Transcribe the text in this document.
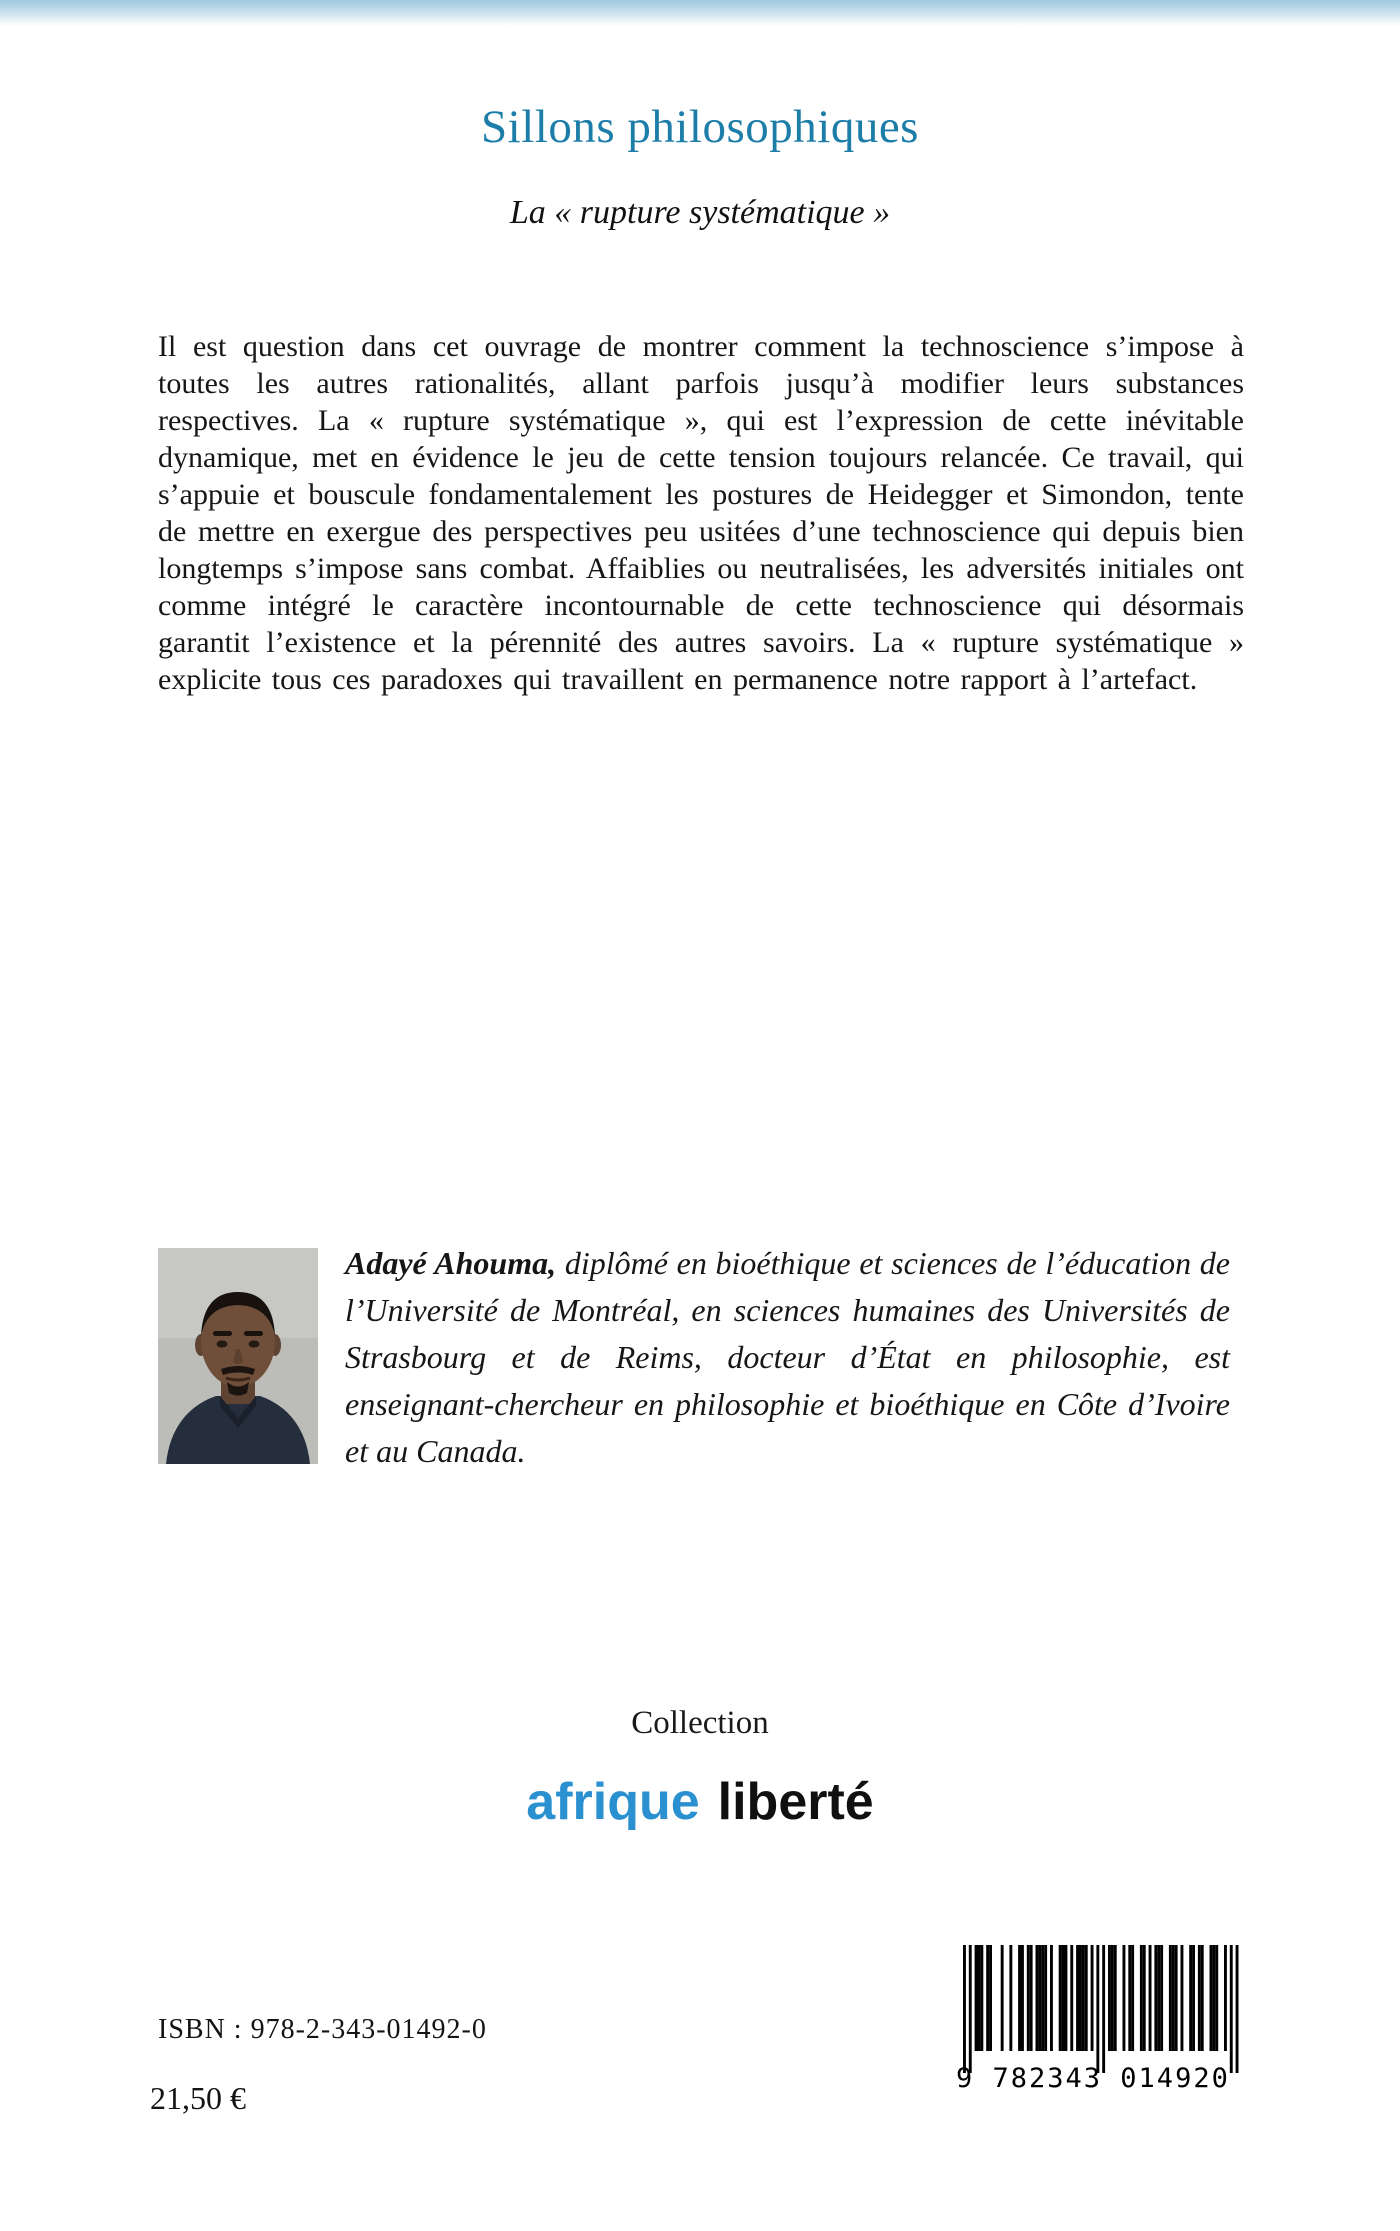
Sillons philosophiques
La « rupture systématique »

Il est question dans cet ouvrage de montrer comment la technoscience s’impose à toutes les autres rationalités, allant parfois jusqu’à modifier leurs substances respectives. La « rupture systématique », qui est l’expression de cette inévitable dynamique, met en évidence le jeu de cette tension toujours relancée. Ce travail, qui s’appuie et bouscule fondamentalement les postures de Heidegger et Simondon, tente de mettre en exergue des perspectives peu usitées d’une technoscience qui depuis bien longtemps s’impose sans combat. Affaiblies ou neutralisées, les adversités initiales ont comme intégré le caractère incontournable de cette technoscience qui désormais garantit l’existence et la pérennité des autres savoirs. La « rupture systématique » explicite tous ces paradoxes qui travaillent en permanence notre rapport à l’artefact.

Adayé Ahouma, diplômé en bioéthique et sciences de l’éducation de l’Université de Montréal, en sciences humaines des Universités de Strasbourg et de Reims, docteur d’État en philosophie, est enseignant-chercheur en philosophie et bioéthique en Côte d’Ivoire et au Canada.

Collection
afrique liberté
ISBN : 978-2-343-01492-0
21,50 €
9 782343 014920
